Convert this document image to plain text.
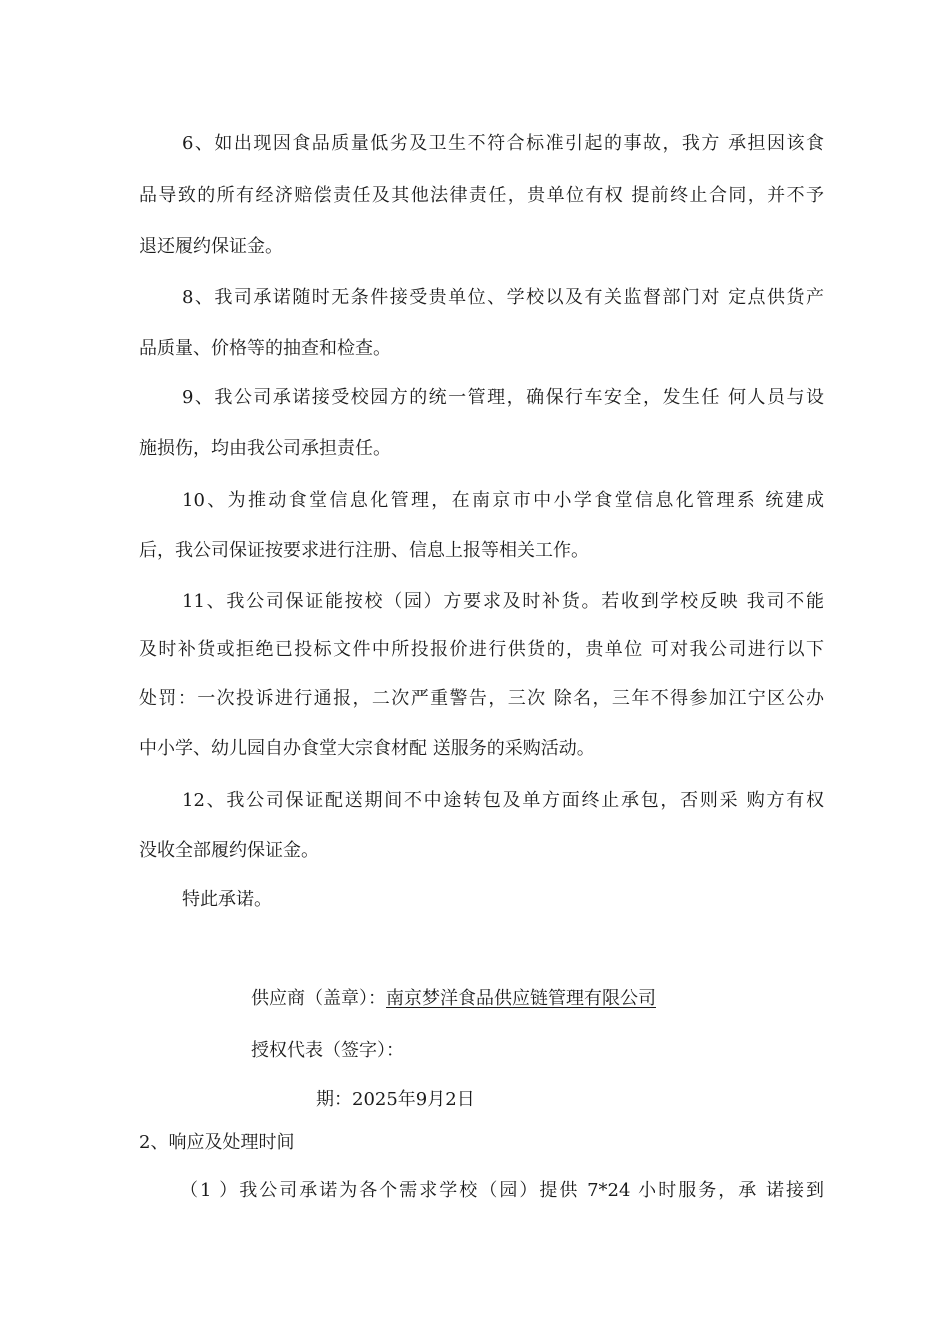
6、如出现因食品质量低劣及卫生不符合标准引起的事故，我方 承担因该食

品导致的所有经济赔偿责任及其他法律责任，贵单位有权 提前终止合同，并不予

退还履约保证金。

8、我司承诺随时无条件接受贵单位、学校以及有关监督部门对 定点供货产

品质量、价格等的抽查和检查。

9、我公司承诺接受校园方的统一管理，确保行车安全，发生任 何人员与设

施损伤，均由我公司承担责任。

10、为推动食堂信息化管理，在南京市中小学食堂信息化管理系 统建成

后，我公司保证按要求进行注册、信息上报等相关工作。

11、我公司保证能按校（园）方要求及时补货。若收到学校反映 我司不能

及时补货或拒绝已投标文件中所投报价进行供货的，贵单位 可对我公司进行以下

处罚：一次投诉进行通报，二次严重警告，三次 除名，三年不得参加江宁区公办

中小学、幼儿园自办食堂大宗食材配 送服务的采购活动。

12、我公司保证配送期间不中途转包及单方面终止承包，否则采 购方有权

没收全部履约保证金。

特此承诺。

供应商（盖章）：南京梦洋食品供应链管理有限公司

授权代表（签字）：

期：2025年9月2日

2、响应及处理时间

（1 ）我公司承诺为各个需求学校（园）提供 7*24 小时服务，承 诺接到
